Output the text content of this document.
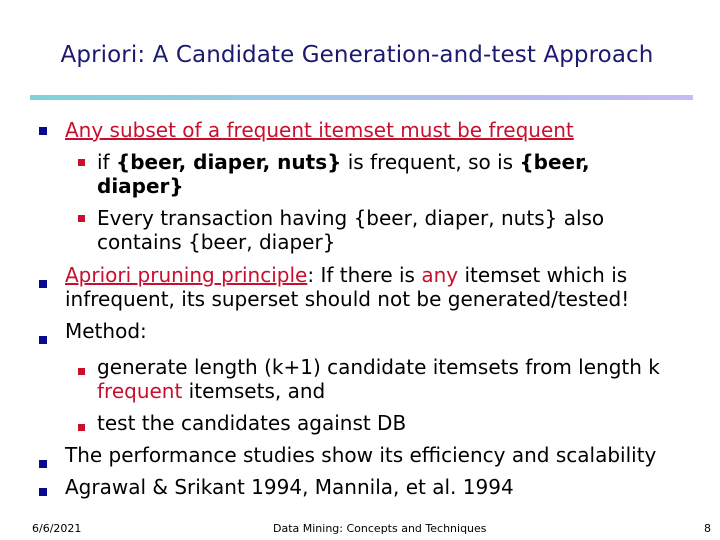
Apriori: A Candidate Generation-and-test Approach
Any subset of a frequent itemset must be frequent
if {beer, diaper, nuts} is frequent, so is {beer,
diaper}
Every transaction having {beer, diaper, nuts} also
contains {beer, diaper}
Apriori pruning principle: If there is any itemset which is
infrequent, its superset should not be generated/tested!
Method:
generate length (k+1) candidate itemsets from length k
frequent itemsets, and
test the candidates against DB
The performance studies show its efficiency and scalability
Agrawal & Srikant 1994, Mannila, et al. 1994
6/6/2021	Data Mining: Concepts and Techniques	8
